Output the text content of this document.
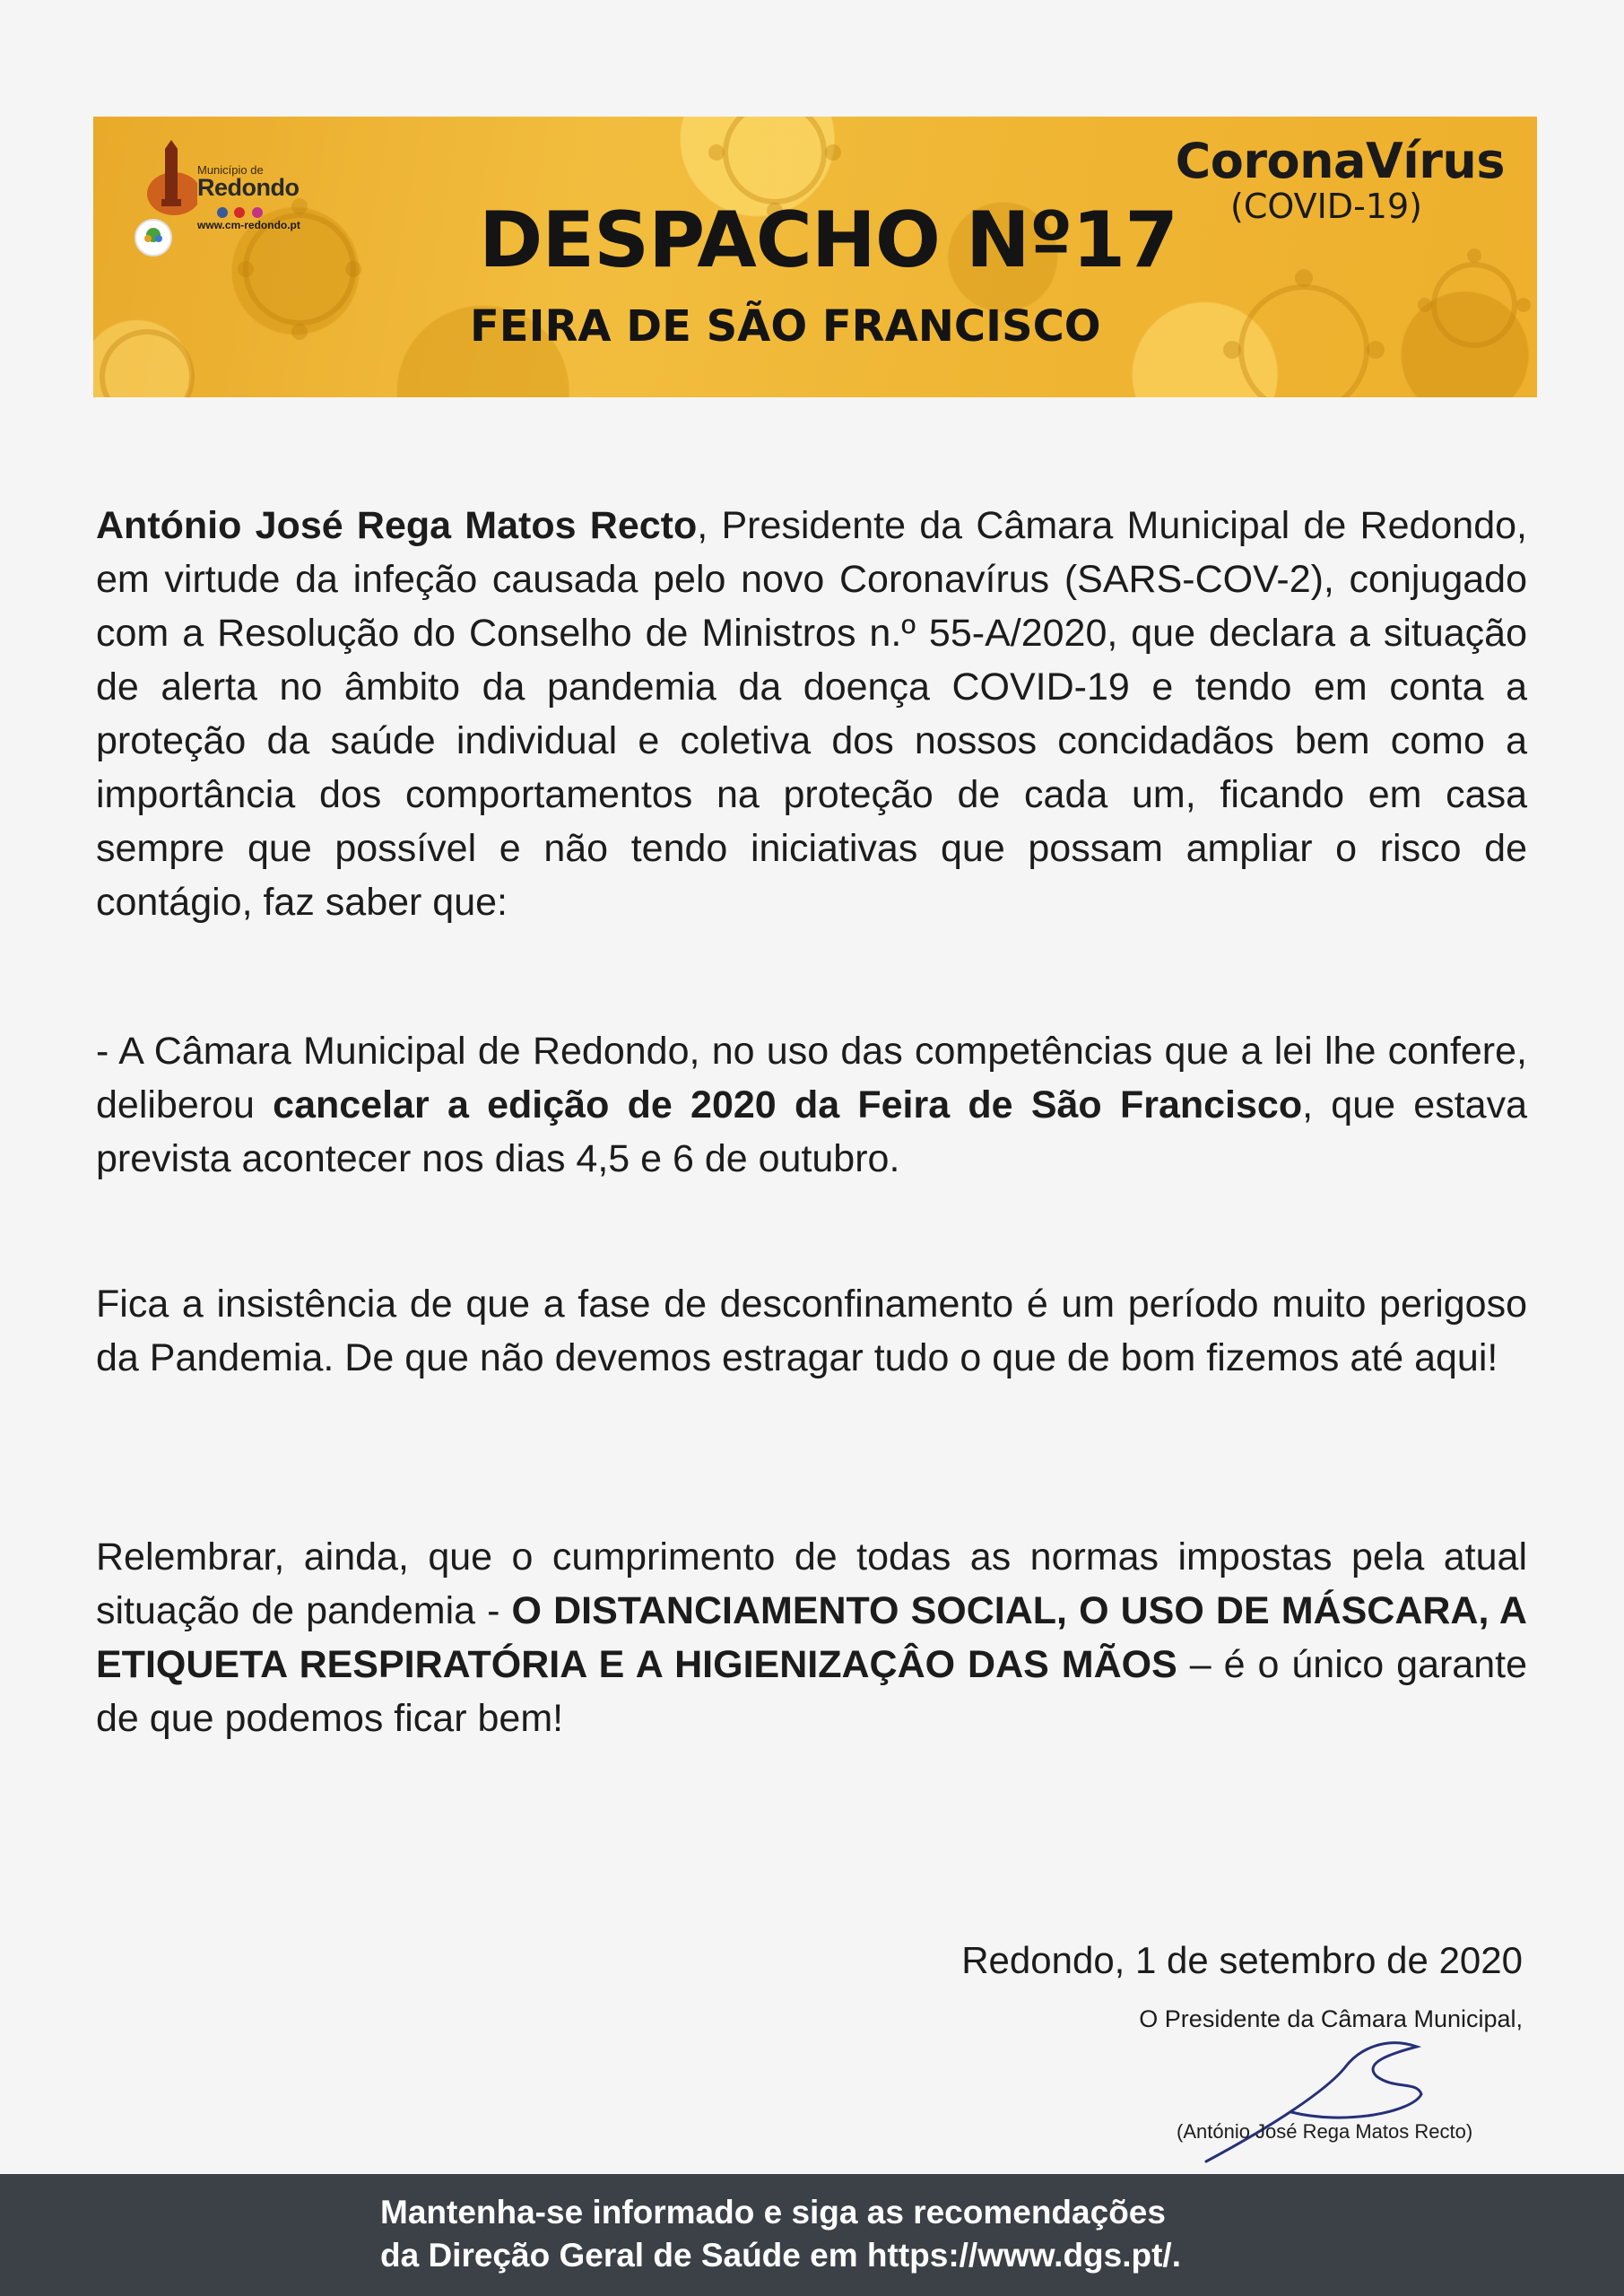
Município de
Redondo

www.cm-redondo.pt
CoronaVírus
(COVID-19)
DESPACHO Nº17
FEIRA DE SÃO FRANCISCO

António José Rega Matos Recto, Presidente da Câmara Municipal de Redondo, em virtude da infeção causada pelo novo Coronavírus (SARS-COV-2), conjugado com a Resolução do Conselho de Ministros n.º 55-A/2020, que declara a situação de alerta no âmbito da pandemia da doença COVID-19 e tendo em conta a proteção da saúde individual e coletiva dos nossos concidadãos bem como a importância dos comportamentos na proteção de cada um, ficando em casa sempre que possível e não tendo iniciativas que possam ampliar o risco de contágio, faz saber que:

- A Câmara Municipal de Redondo, no uso das competências que a lei lhe confere, deliberou cancelar a edição de 2020 da Feira de São Francisco, que estava prevista acontecer nos dias 4,5 e 6 de outubro.

Fica a insistência de que a fase de desconfinamento é um período muito perigoso da Pandemia. De que não devemos estragar tudo o que de bom fizemos até aqui!

Relembrar, ainda, que o cumprimento de todas as normas impostas pela atual situação de pandemia - O DISTANCIAMENTO SOCIAL, O USO DE MÁSCARA, A ETIQUETA RESPIRATÓRIA E A HIGIENIZAÇÂO DAS MÃOS – é o único garante de que podemos ficar bem!

Redondo, 1 de setembro de 2020
O Presidente da Câmara Municipal,
(António José Rega Matos Recto)
Mantenha-se informado e siga as recomendações
da Direção Geral de Saúde em https://www.dgs.pt/.
